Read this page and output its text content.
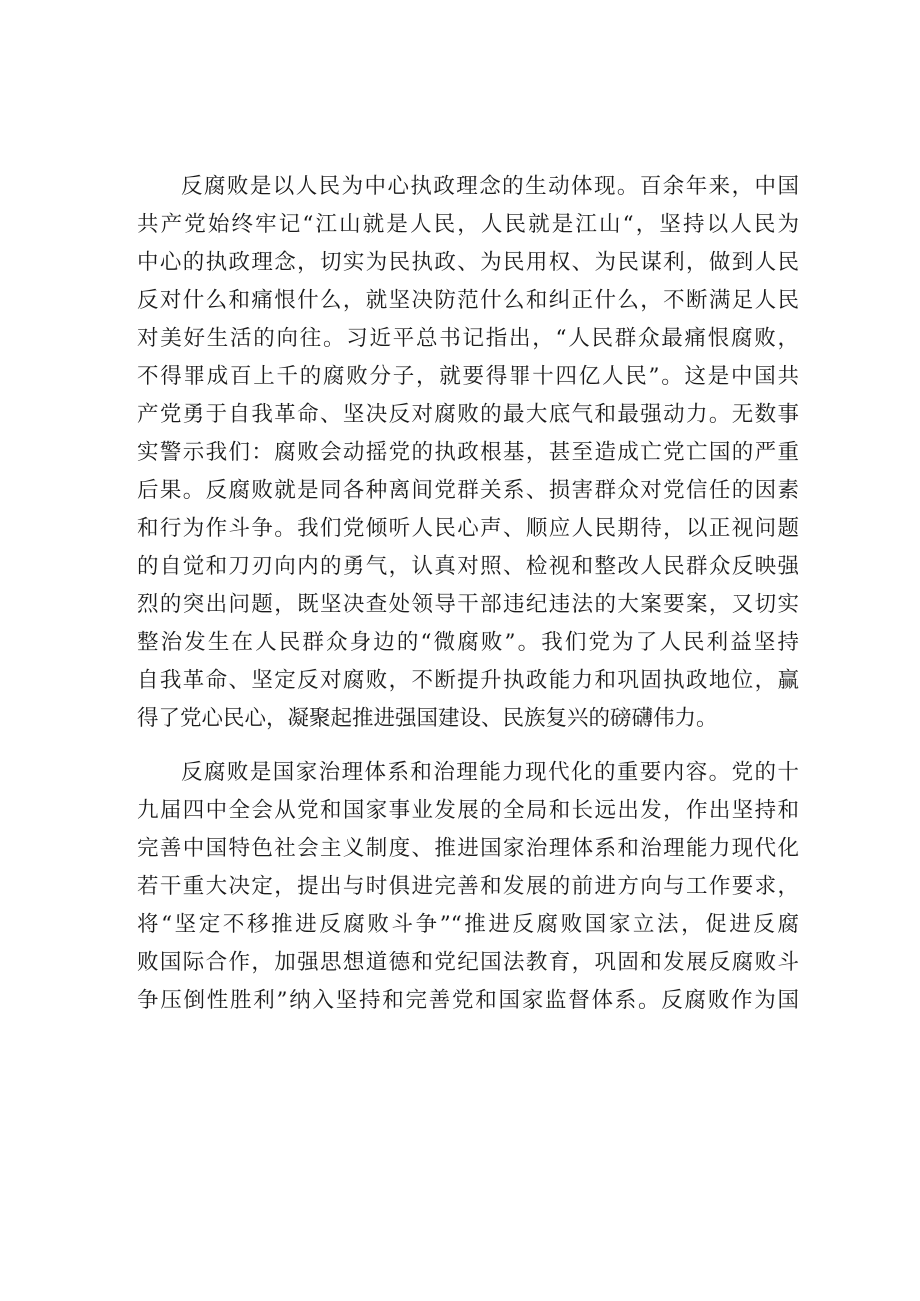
反腐败是以人民为中心执政理念的生动体现。百余年来，中国
共产党始终牢记“江山就是人民，人民就是江山“，坚持以人民为
中心的执政理念，切实为民执政、为民用权、为民谋利，做到人民
反对什么和痛恨什么，就坚决防范什么和纠正什么，不断满足人民
对美好生活的向往。习近平总书记指出，“人民群众最痛恨腐败，
不得罪成百上千的腐败分子，就要得罪十四亿人民”。这是中国共
产党勇于自我革命、坚决反对腐败的最大底气和最强动力。无数事
实警示我们：腐败会动摇党的执政根基，甚至造成亡党亡国的严重
后果。反腐败就是同各种离间党群关系、损害群众对党信任的因素
和行为作斗争。我们党倾听人民心声、顺应人民期待，以正视问题
的自觉和刀刃向内的勇气，认真对照、检视和整改人民群众反映强
烈的突出问题，既坚决查处领导干部违纪违法的大案要案，又切实
整治发生在人民群众身边的“微腐败”。我们党为了人民利益坚持
自我革命、坚定反对腐败，不断提升执政能力和巩固执政地位，赢
得了党心民心，凝聚起推进强国建设、民族复兴的磅礴伟力。
反腐败是国家治理体系和治理能力现代化的重要内容。党的十
九届四中全会从党和国家事业发展的全局和长远出发，作出坚持和
完善中国特色社会主义制度、推进国家治理体系和治理能力现代化
若干重大决定，提出与时俱进完善和发展的前进方向与工作要求，
将“坚定不移推进反腐败斗争”“推进反腐败国家立法，促进反腐
败国际合作，加强思想道德和党纪国法教育，巩固和发展反腐败斗
争压倒性胜利”纳入坚持和完善党和国家监督体系。反腐败作为国
